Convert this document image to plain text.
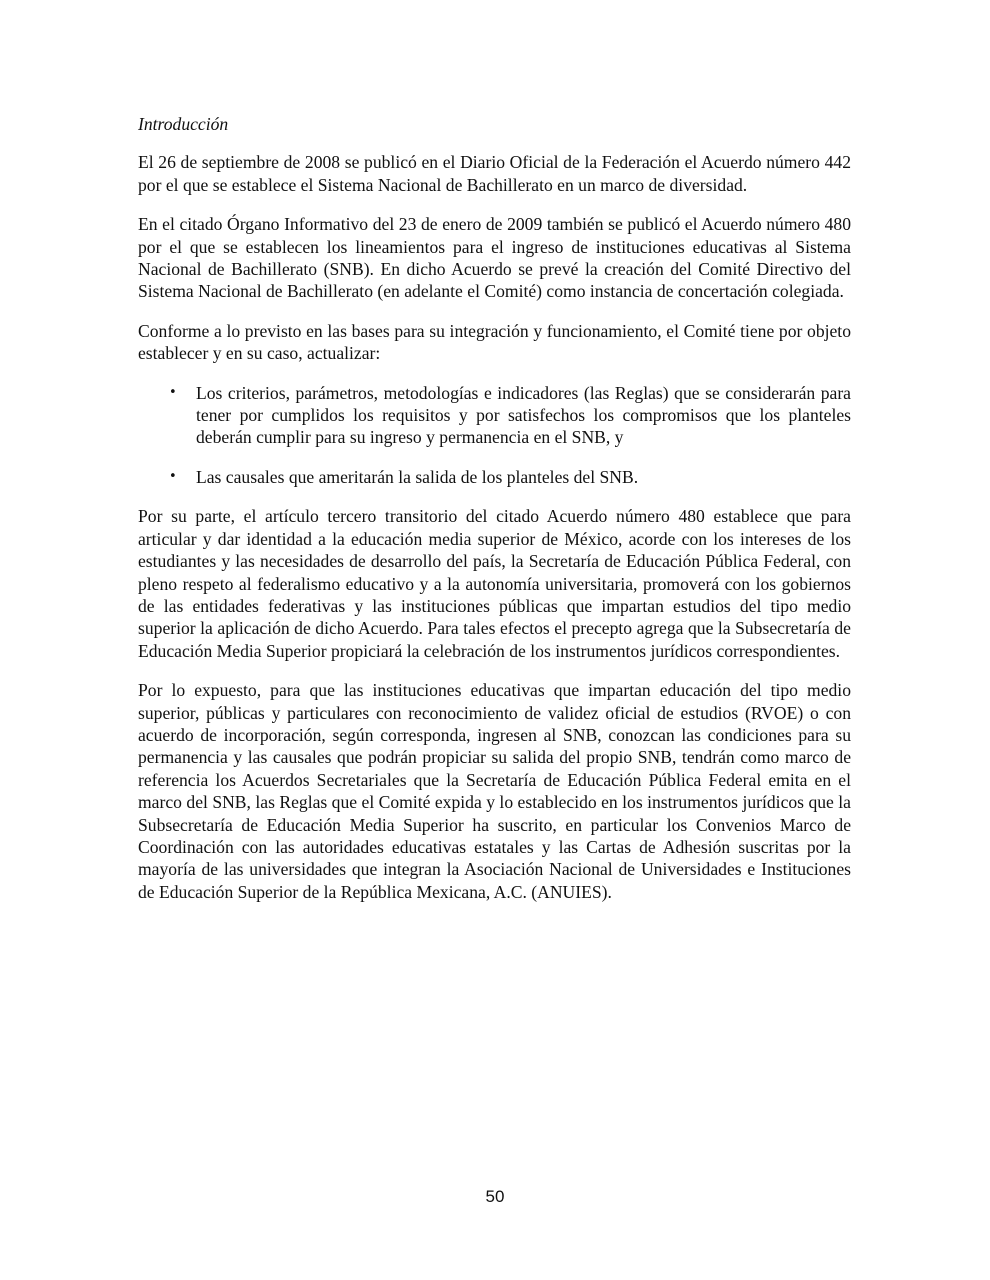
Introducción

El 26 de septiembre de 2008 se publicó en el Diario Oficial de la Federación el Acuerdo número 442 por el que se establece el Sistema Nacional de Bachillerato en un marco de diversidad.

En el citado Órgano Informativo del 23 de enero de 2009 también se publicó el Acuerdo número 480 por el que se establecen los lineamientos para el ingreso de instituciones educativas al Sistema Nacional de Bachillerato (SNB). En dicho Acuerdo se prevé la creación del Comité Directivo del Sistema Nacional de Bachillerato (en adelante el Comité) como instancia de concertación colegiada.

Conforme a lo previsto en las bases para su integración y funcionamiento, el Comité tiene por objeto establecer y en su caso, actualizar:

• Los criterios, parámetros, metodologías e indicadores (las Reglas) que se considerarán para tener por cumplidos los requisitos y por satisfechos los compromisos que los planteles deberán cumplir para su ingreso y permanencia en el SNB, y
• Las causales que ameritarán la salida de los planteles del SNB.

Por su parte, el artículo tercero transitorio del citado Acuerdo número 480 establece que para articular y dar identidad a la educación media superior de México, acorde con los intereses de los estudiantes y las necesidades de desarrollo del país, la Secretaría de Educación Pública Federal, con pleno respeto al federalismo educativo y a la autonomía universitaria, promoverá con los gobiernos de las entidades federativas y las instituciones públicas que impartan estudios del tipo medio superior la aplicación de dicho Acuerdo. Para tales efectos el precepto agrega que la Subsecretaría de Educación Media Superior propiciará la celebración de los instrumentos jurídicos correspondientes.

Por lo expuesto, para que las instituciones educativas que impartan educación del tipo medio superior, públicas y particulares con reconocimiento de validez oficial de estudios (RVOE) o con acuerdo de incorporación, según corresponda, ingresen al SNB, conozcan las condiciones para su permanencia y las causales que podrán propiciar su salida del propio SNB, tendrán como marco de referencia los Acuerdos Secretariales que la Secretaría de Educación Pública Federal emita en el marco del SNB, las Reglas que el Comité expida y lo establecido en los instrumentos jurídicos que la Subsecretaría de Educación Media Superior ha suscrito, en particular los Convenios Marco de Coordinación con las autoridades educativas estatales y las Cartas de Adhesión suscritas por la mayoría de las universidades que integran la Asociación Nacional de Universidades e Instituciones de Educación Superior de la República Mexicana, A.C. (ANUIES).

50
